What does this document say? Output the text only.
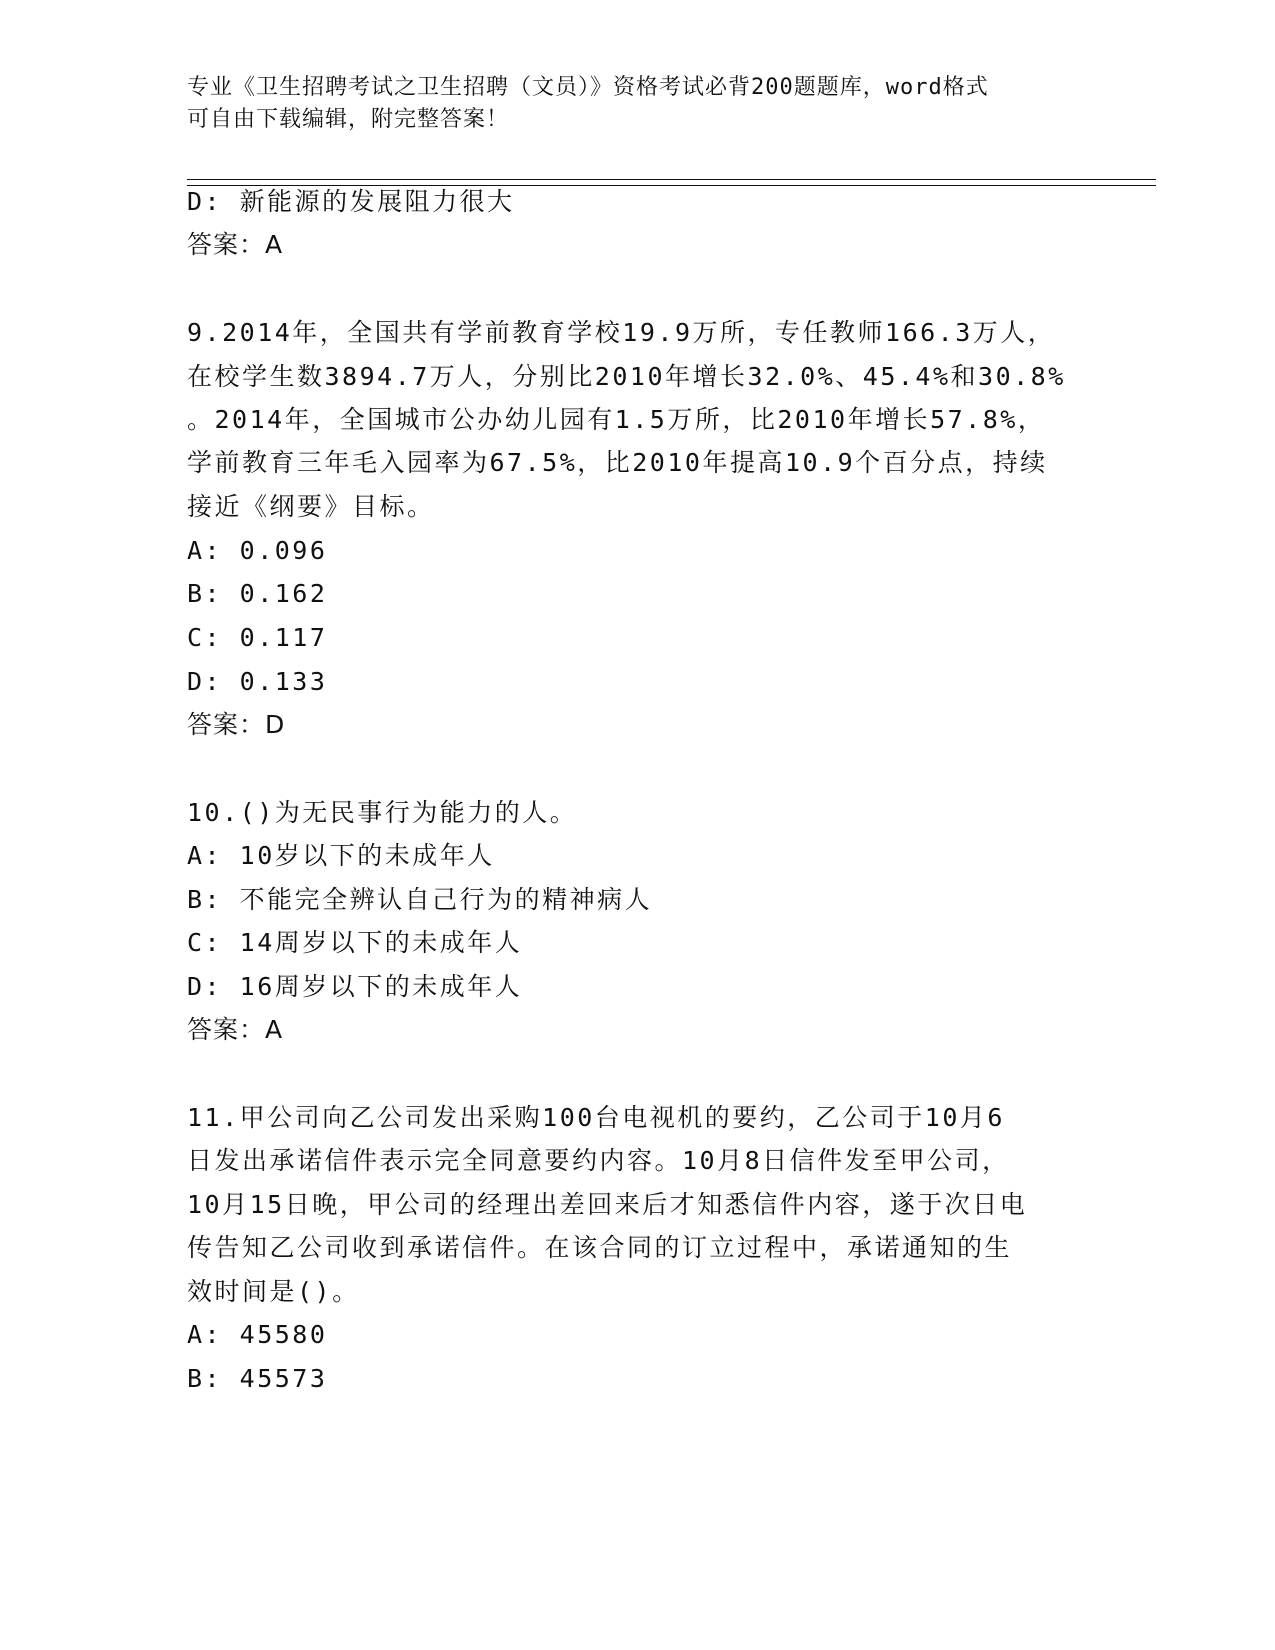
专业《卫生招聘考试之卫生招聘（文员）》资格考试必背200题题库，word格式
可自由下载编辑，附完整答案！
D: 新能源的发展阻力很大
答案：A
9.2014年，全国共有学前教育学校19.9万所，专任教师166.3万人，
在校学生数3894.7万人，分别比2010年增长32.0%、45.4%和30.8%
。2014年，全国城市公办幼儿园有1.5万所，比2010年增长57.8%，
学前教育三年毛入园率为67.5%，比2010年提高10.9个百分点，持续
接近《纲要》目标。
A: 0.096
B: 0.162
C: 0.117
D: 0.133
答案：D
10.()为无民事行为能力的人。
A: 10岁以下的未成年人
B: 不能完全辨认自己行为的精神病人
C: 14周岁以下的未成年人
D: 16周岁以下的未成年人
答案：A
11.甲公司向乙公司发出采购100台电视机的要约，乙公司于10月6
日发出承诺信件表示完全同意要约内容。10月8日信件发至甲公司，
10月15日晚，甲公司的经理出差回来后才知悉信件内容，遂于次日电
传告知乙公司收到承诺信件。在该合同的订立过程中，承诺通知的生
效时间是()。
A: 45580
B: 45573
